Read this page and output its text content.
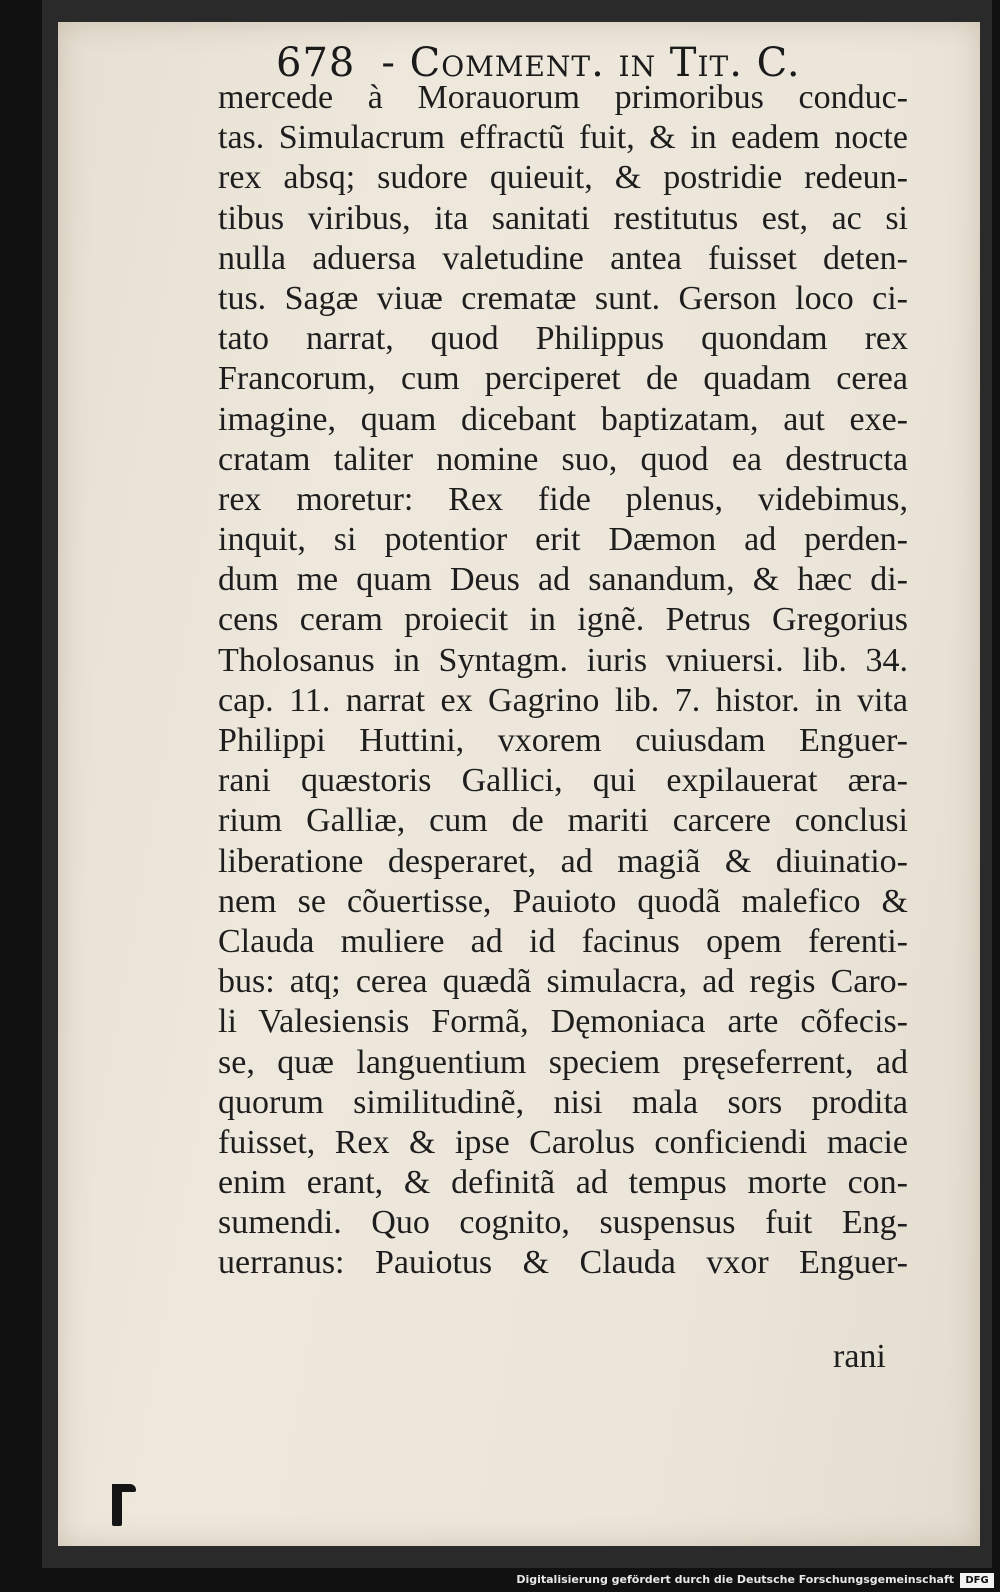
678 - Comment. in Tit. C.
mercede à Morauorum primoribus conduc-
tas. Simulacrum effractũ fuit, & in eadem nocte
rex absq; sudore quieuit, & postridie redeun-
tibus viribus, ita sanitati restitutus est, ac si
nulla aduersa valetudine antea fuisset deten-
tus. Sagæ viuæ crematæ sunt. Gerson loco ci-
tato narrat, quod Philippus quondam rex
Francorum, cum perciperet de quadam cerea
imagine, quam dicebant baptizatam, aut exe-
cratam taliter nomine suo, quod ea destructa
rex moretur: Rex fide plenus, videbimus,
inquit, si potentior erit Dæmon ad perden-
dum me quam Deus ad sanandum, & hæc di-
cens ceram proiecit in ignẽ. Petrus Gregorius
Tholosanus in Syntagm. iuris vniuersi. lib. 34.
cap. 11. narrat ex Gagrino lib. 7. histor. in vita
Philippi Huttini, vxorem cuiusdam Enguer-
rani quæstoris Gallici, qui expilauerat æra-
rium Galliæ, cum de mariti carcere conclusi
liberatione desperaret, ad magiã & diuinatio-
nem se cõuertisse, Pauioto quodã malefico &
Clauda muliere ad id facinus opem ferenti-
bus: atq; cerea quædã simulacra, ad regis Caro-
li Valesiensis Formã, Dęmoniaca arte cõfecis-
se, quæ languentium speciem pręseferrent, ad
quorum similitudinẽ, nisi mala sors prodita
fuisset, Rex & ipse Carolus conficiendi macie
enim erant, & definitã ad tempus morte con-
sumendi. Quo cognito, suspensus fuit Eng-
uerranus: Pauiotus & Clauda vxor Enguer-
rani
Digitalisierung gefördert durch die Deutsche Forschungsgemeinschaft	DFG
